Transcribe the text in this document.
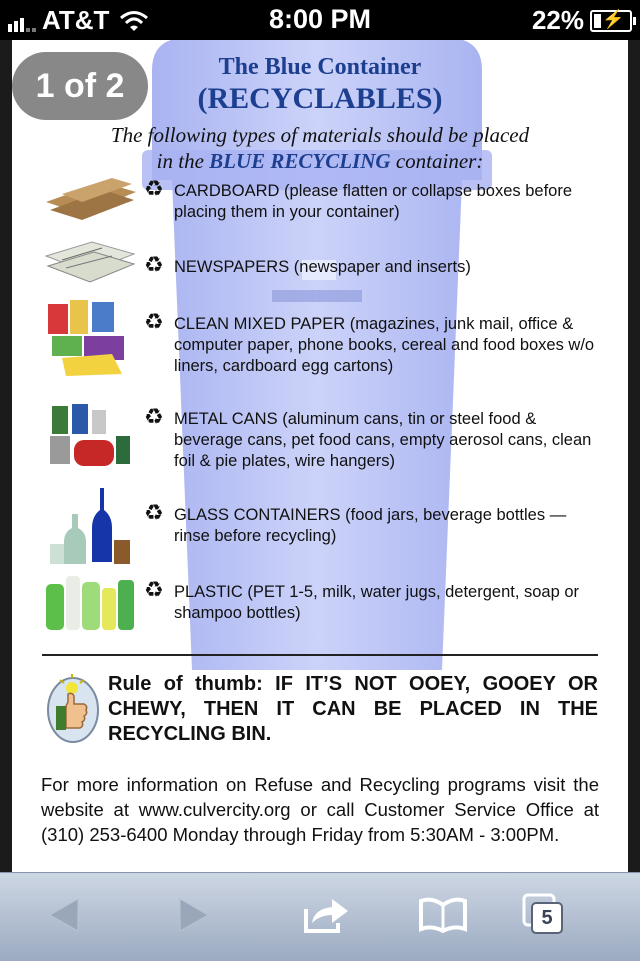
AT&T	8:00 PM	22% ⚡
1 of 2	The Blue Container
(RECYCLABLES)
The following types of materials should be placed
in the BLUE RECYCLING container:
♻ CARDBOARD (please flatten or collapse boxes before placing them in your container)
♻ NEWSPAPERS (newspaper and inserts)
♻ CLEAN MIXED PAPER (magazines, junk mail, office & computer paper, phone books, cereal and food boxes w/o liners, cardboard egg cartons)
♻ METAL CANS (aluminum cans, tin or steel food & beverage cans, pet food cans, empty aerosol cans, clean foil & pie plates, wire hangers)
♻ GLASS CONTAINERS (food jars, beverage bottles — rinse before recycling)
♻ PLASTIC (PET 1-5, milk, water jugs, detergent, soap or shampoo bottles)
Rule of thumb: IF IT’S NOT OOEY, GOOEY OR CHEWY, THEN IT CAN BE PLACED IN THE RECYCLING BIN.
For more information on Refuse and Recycling programs visit the website at www.culvercity.org or call Customer Service Office at (310) 253-6400 Monday through Friday from 5:30AM - 3:00PM.
5
